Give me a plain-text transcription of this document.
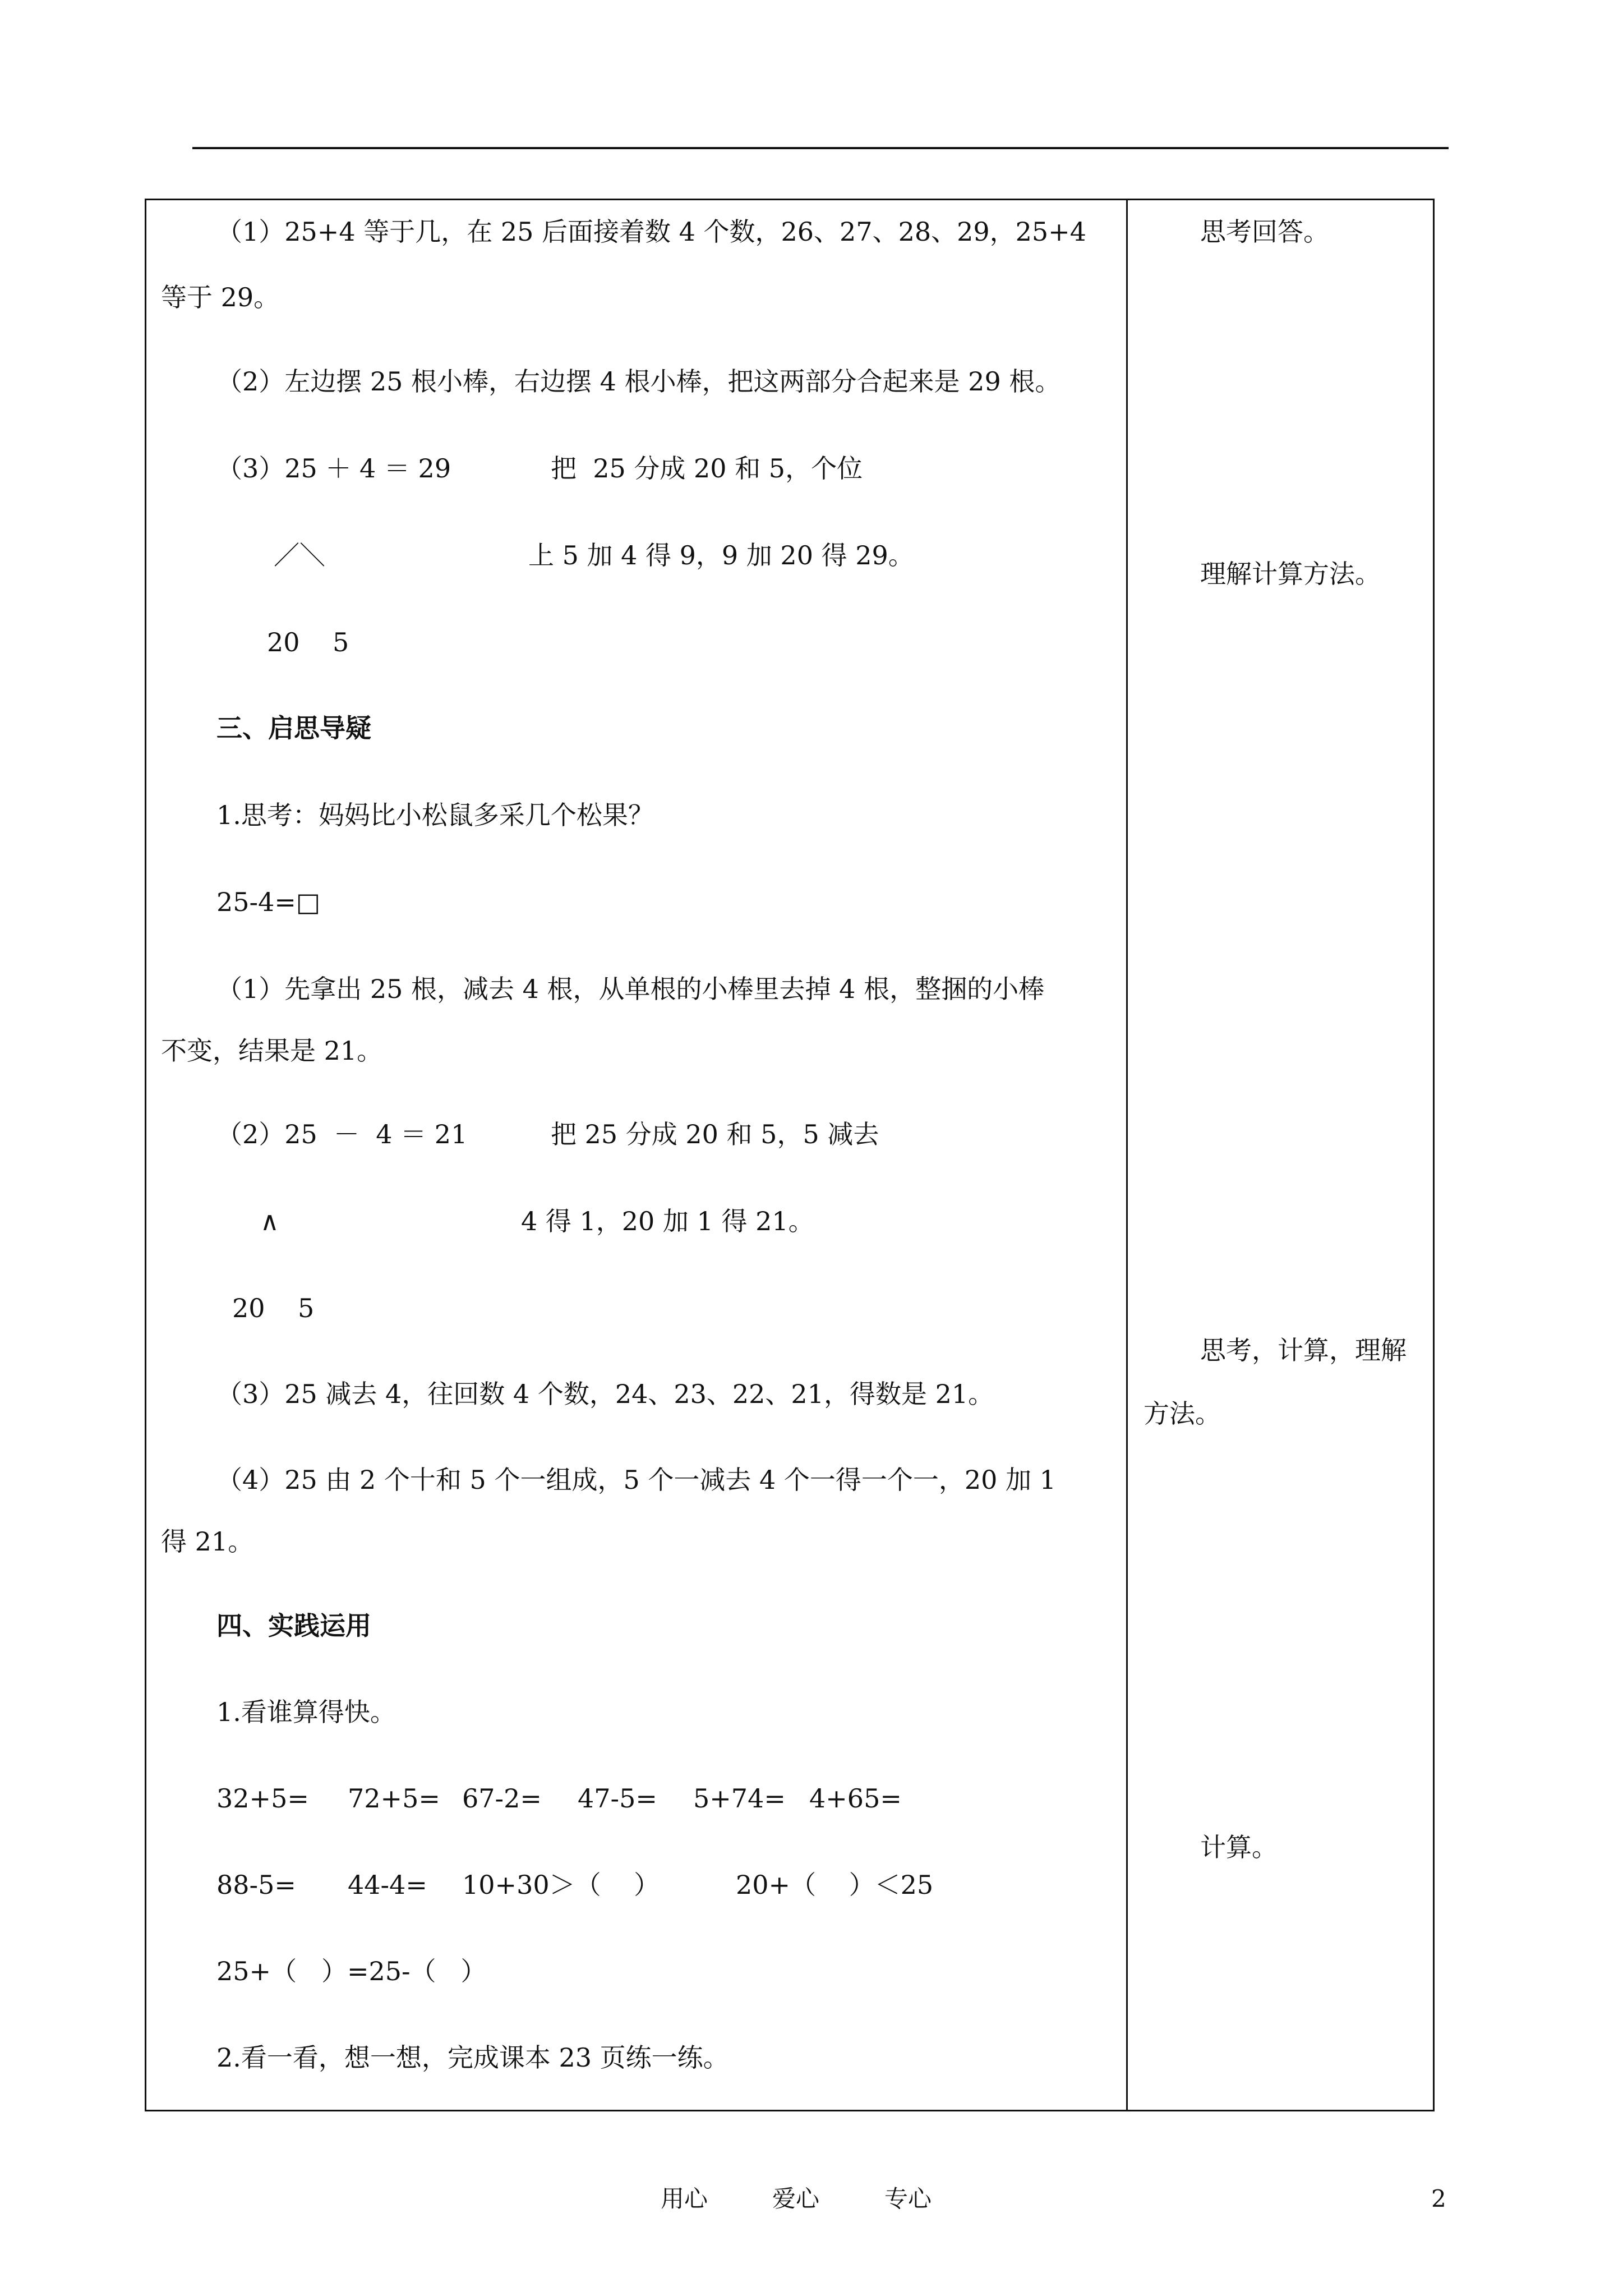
（1）25+4 等于几，在 25 后面接着数 4 个数，26、27、28、29，25+4
等于 29。
（2）左边摆 25 根小棒，右边摆 4 根小棒，把这两部分合起来是 29 根。
（3）25 ＋ 4 ＝ 29	把  25 分成 20 和 5，个位
／＼	上 5 加 4 得 9，9 加 20 得 29。
20    5
三、启思导疑
1.思考：妈妈比小松鼠多采几个松果？
25-4=□
（1）先拿出 25 根，减去 4 根，从单根的小棒里去掉 4 根，整捆的小棒
不变，结果是 21。
（2）25  －  4 ＝ 21	把 25 分成 20 和 5，5 减去
∧	4 得 1，20 加 1 得 21。
20    5
（3）25 减去 4，往回数 4 个数，24、23、22、21，得数是 21。
（4）25 由 2 个十和 5 个一组成，5 个一减去 4 个一得一个一，20 加 1
得 21。
四、实践运用
1.看谁算得快。
32+5= 72+5= 67-2= 47-5= 5+74= 4+65=
88-5= 44-4= 10+30＞（    ）	20+（    ）＜25
25+（   ）=25-（   ）
2.看一看，想一想，完成课本 23 页练一练。
思考回答。
理解计算方法。
思考，计算，理解
方法。
计算。
用心	爱心	专心	2
